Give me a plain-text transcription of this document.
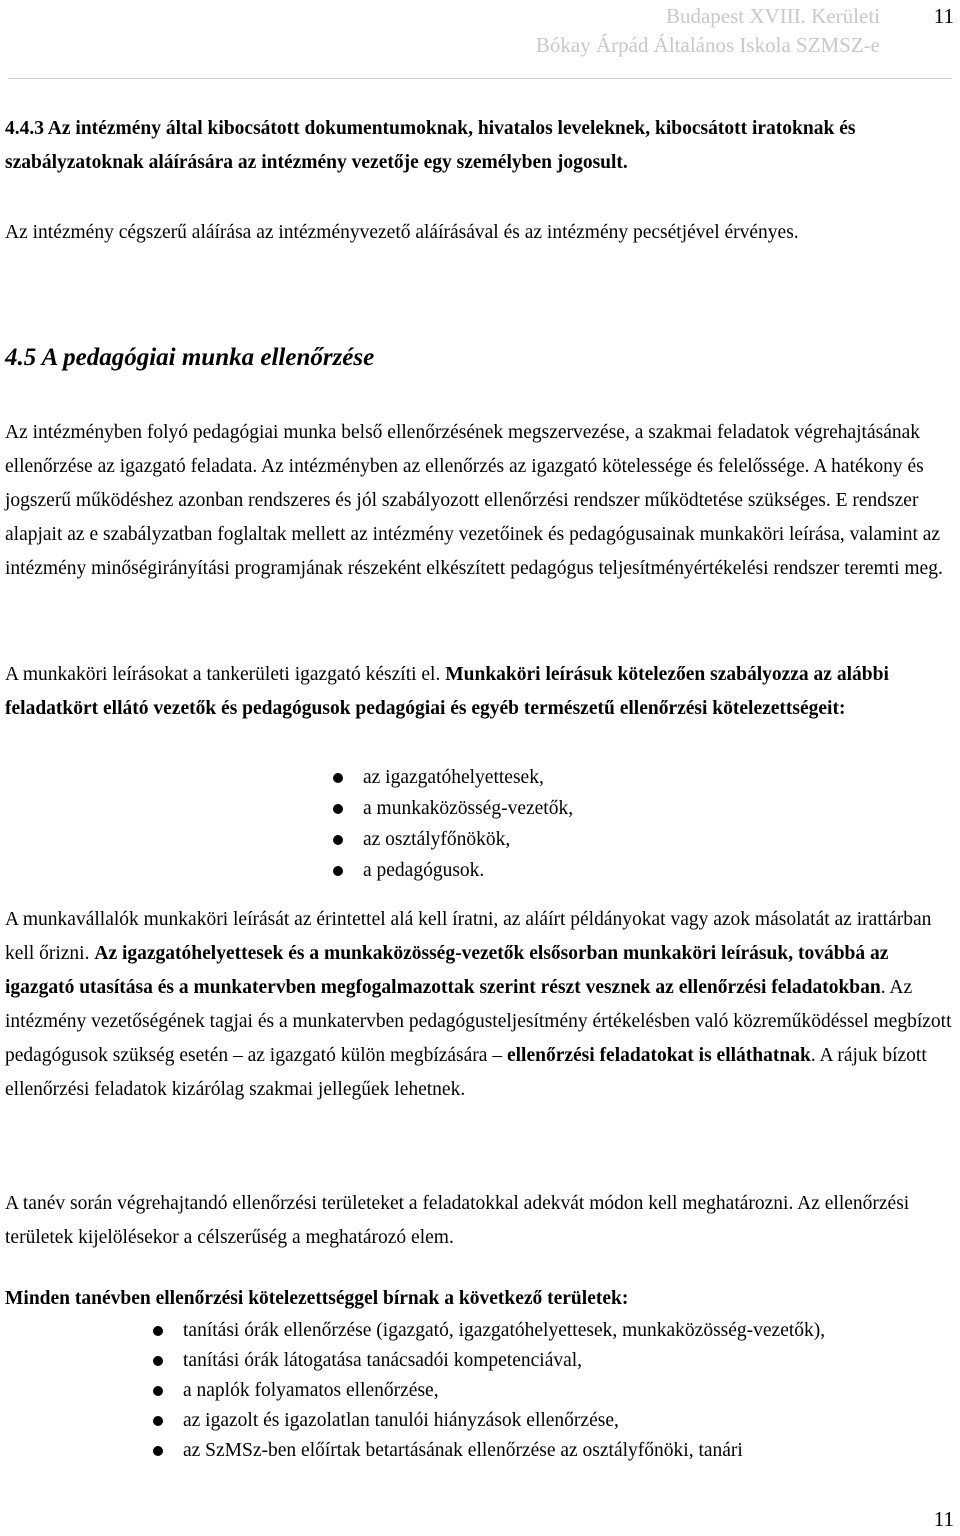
Budapest XVIII. Kerületi
Bókay Árpád Általános Iskola SZMSZ-e
11

4.4.3 Az intézmény által kibocsátott dokumentumoknak, hivatalos leveleknek, kibocsátott iratoknak és szabályzatoknak aláírására az intézmény vezetője egy személyben jogosult.

Az intézmény cégszerű aláírása az intézményvezető aláírásával és az intézmény pecsétjével érvényes.

4.5 A pedagógiai munka ellenőrzése

Az intézményben folyó pedagógiai munka belső ellenőrzésének megszervezése, a szakmai feladatok végrehajtásának ellenőrzése az igazgató feladata. Az intézményben az ellenőrzés az igazgató kötelessége és felelőssége. A hatékony és jogszerű működéshez azonban rendszeres és jól szabályozott ellenőrzési rendszer működtetése szükséges. E rendszer alapjait az e szabályzatban foglaltak mellett az intézmény vezetőinek és pedagógusainak munkaköri leírása, valamint az intézmény minőségirányítási programjának részeként elkészített pedagógus teljesítményértékelési rendszer teremti meg.

A munkaköri leírásokat a tankerületi igazgató készíti el. Munkaköri leírásuk kötelezően szabályozza az alábbi feladatkört ellátó vezetők és pedagógusok pedagógiai és egyéb természetű ellenőrzési kötelezettségeit:

az igazgatóhelyettesek,
a munkaközösség-vezetők,
az osztályfőnökök,
a pedagógusok.

A munkavállalók munkaköri leírását az érintettel alá kell íratni, az aláírt példányokat vagy azok másolatát az irattárban kell őrizni. Az igazgatóhelyettesek és a munkaközösség-vezetők elsősorban munkaköri leírásuk, továbbá az igazgató utasítása és a munkatervben megfogalmazottak szerint részt vesznek az ellenőrzési feladatokban. Az intézmény vezetőségének tagjai és a munkatervben pedagógusteljesítmény értékelésben való közreműködéssel megbízott pedagógusok szükség esetén – az igazgató külön megbízására – ellenőrzési feladatokat is elláthatnak. A rájuk bízott ellenőrzési feladatok kizárólag szakmai jellegűek lehetnek.

A tanév során végrehajtandó ellenőrzési területeket a feladatokkal adekvát módon kell meghatározni. Az ellenőrzési területek kijelölésekor a célszerűség a meghatározó elem.

Minden tanévben ellenőrzési kötelezettséggel bírnak a következő területek:

tanítási órák ellenőrzése (igazgató, igazgatóhelyettesek, munkaközösség-vezetők),
tanítási órák látogatása tanácsadói kompetenciával,
a naplók folyamatos ellenőrzése,
az igazolt és igazolatlan tanulói hiányzások ellenőrzése,
az SzMSz-ben előírtak betartásának ellenőrzése az osztályfőnöki, tanári
11
